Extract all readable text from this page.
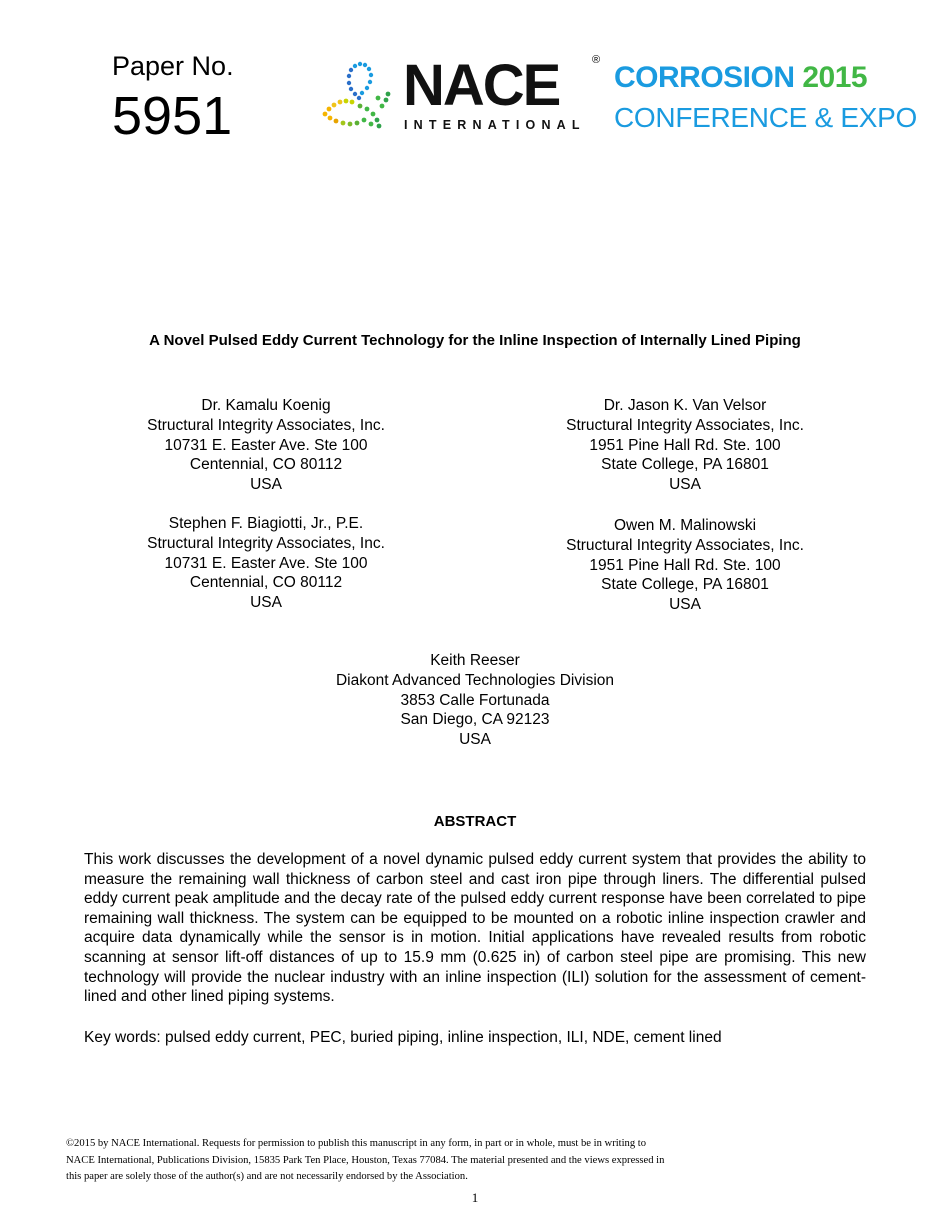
Paper No.
5951	NACE	®
INTERNATIONAL
CORROSION 2015
CONFERENCE & EXPO
A Novel Pulsed Eddy Current Technology for the Inline Inspection of Internally Lined Piping
Dr. Kamalu Koenig
Structural Integrity Associates, Inc.
10731 E. Easter Ave. Ste 100
Centennial, CO 80112
USA
Dr. Jason K. Van Velsor
Structural Integrity Associates, Inc.
1951 Pine Hall Rd. Ste. 100
State College, PA 16801
USA
Stephen F. Biagiotti, Jr., P.E.
Structural Integrity Associates, Inc.
10731 E. Easter Ave. Ste 100
Centennial, CO 80112
USA
Owen M. Malinowski
Structural Integrity Associates, Inc.
1951 Pine Hall Rd. Ste. 100
State College, PA 16801
USA
Keith Reeser
Diakont Advanced Technologies Division
3853 Calle Fortunada
San Diego, CA 92123
USA
ABSTRACT
This work discusses the development of a novel dynamic pulsed eddy current system that provides the ability to measure the remaining wall thickness of carbon steel and cast iron pipe through liners. The differential pulsed eddy current peak amplitude and the decay rate of the pulsed eddy current response have been correlated to pipe remaining wall thickness. The system can be equipped to be mounted on a robotic inline inspection crawler and acquire data dynamically while the sensor is in motion. Initial applications have revealed results from robotic scanning at sensor lift-off distances of up to 15.9 mm (0.625 in) of carbon steel pipe are promising. This new technology will provide the nuclear industry with an inline inspection (ILI) solution for the assessment of cement-lined and other lined piping systems.
Key words: pulsed eddy current, PEC, buried piping, inline inspection, ILI, NDE, cement lined
©2015 by NACE International. Requests for permission to publish this manuscript in any form, in part or in whole, must be in writing to
NACE International, Publications Division, 15835 Park Ten Place, Houston, Texas 77084. The material presented and the views expressed in
this paper are solely those of the author(s) and are not necessarily endorsed by the Association.
1
